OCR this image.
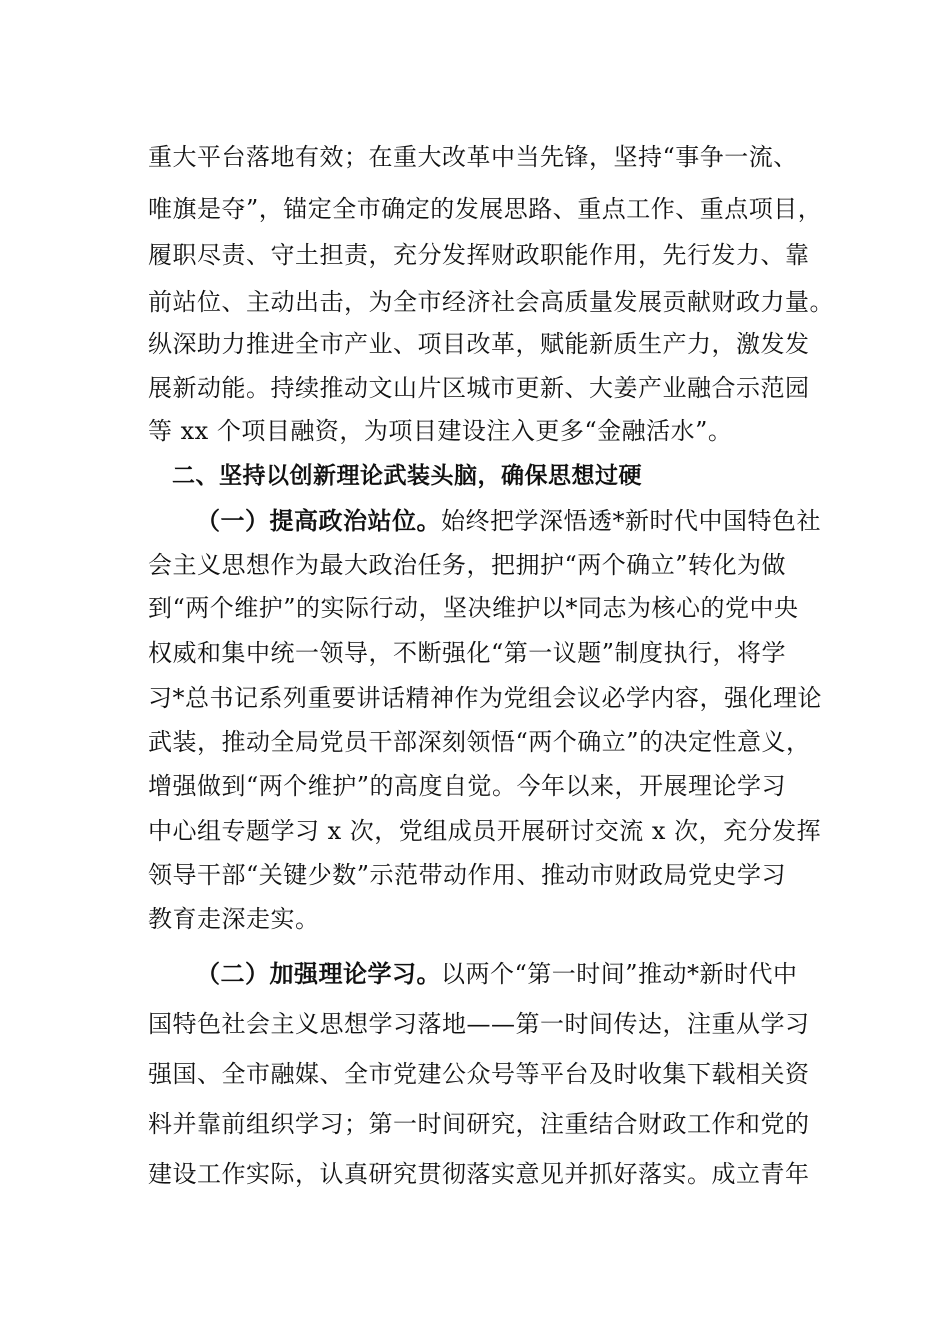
重大平台落地有效；在重大改革中当先锋，坚持“事争一流、
唯旗是夺”，锚定全市确定的发展思路、重点工作、重点项目，
履职尽责、守土担责，充分发挥财政职能作用，先行发力、靠
前站位、主动出击，为全市经济社会高质量发展贡献财政力量。
纵深助力推进全市产业、项目改革，赋能新质生产力，激发发
展新动能。持续推动文山片区城市更新、大姜产业融合示范园
等 xx 个项目融资，为项目建设注入更多“金融活水”。
二、坚持以创新理论武装头脑，确保思想过硬
（一）提高政治站位。始终把学深悟透*新时代中国特色社
会主义思想作为最大政治任务，把拥护“两个确立”转化为做
到“两个维护”的实际行动，坚决维护以*同志为核心的党中央
权威和集中统一领导，不断强化“第一议题”制度执行，将学
习*总书记系列重要讲话精神作为党组会议必学内容，强化理论
武装，推动全局党员干部深刻领悟“两个确立”的决定性意义，
增强做到“两个维护”的高度自觉。今年以来，开展理论学习
中心组专题学习 x 次，党组成员开展研讨交流 x 次，充分发挥
领导干部“关键少数”示范带动作用、推动市财政局党史学习
教育走深走实。
（二）加强理论学习。以两个“第一时间”推动*新时代中
国特色社会主义思想学习落地——第一时间传达，注重从学习
强国、全市融媒、全市党建公众号等平台及时收集下载相关资
料并靠前组织学习；第一时间研究，注重结合财政工作和党的
建设工作实际，认真研究贯彻落实意见并抓好落实。成立青年
